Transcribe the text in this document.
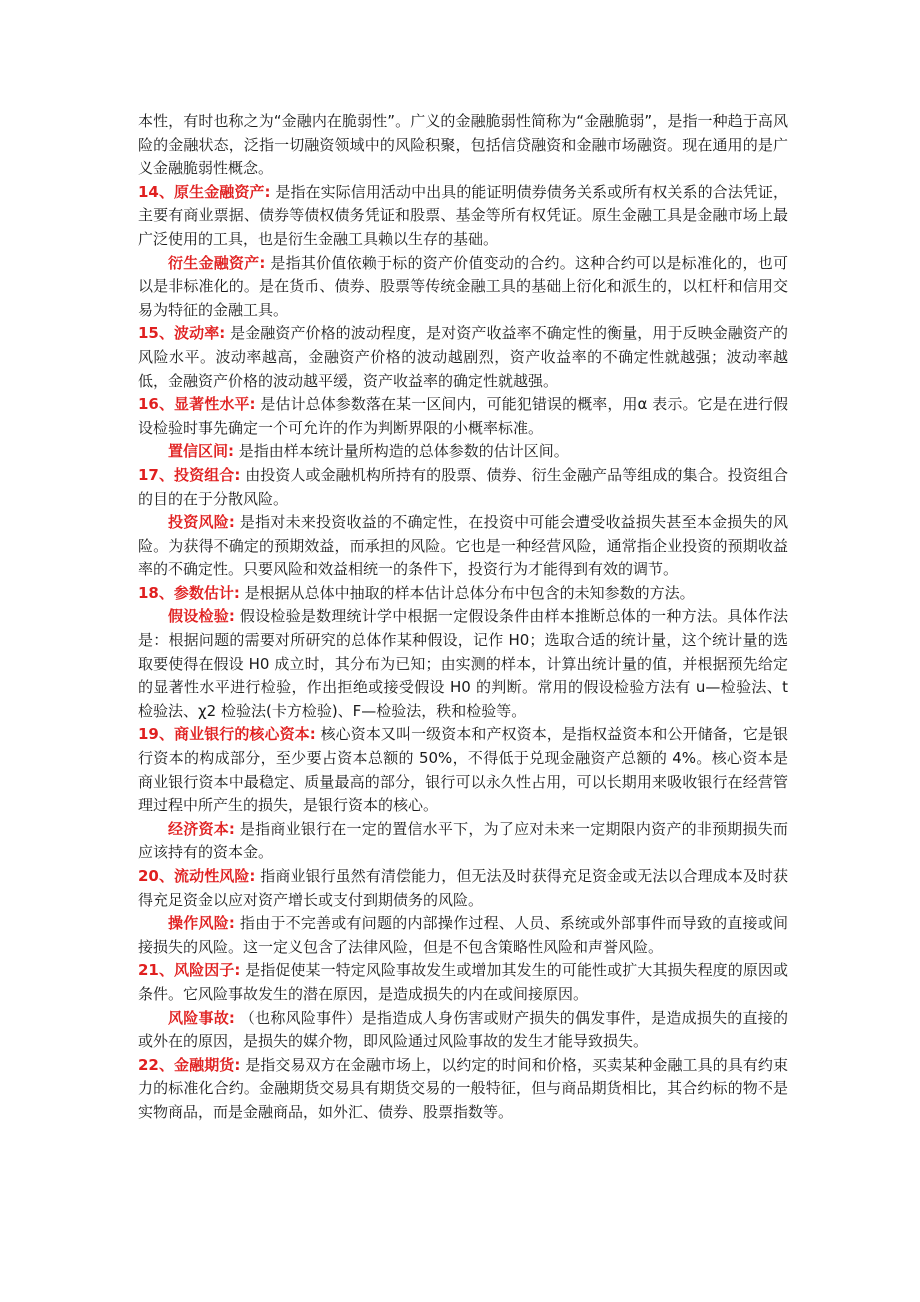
本性，有时也称之为“金融内在脆弱性”。广义的金融脆弱性简称为“金融脆弱”，是指一种趋于高风险的金融状态，泛指一切融资领域中的风险积聚，包括信贷融资和金融市场融资。现在通用的是广义金融脆弱性概念。

14、原生金融资产: 是指在实际信用活动中出具的能证明债券债务关系或所有权关系的合法凭证，主要有商业票据、债券等债权债务凭证和股票、基金等所有权凭证。原生金融工具是金融市场上最广泛使用的工具，也是衍生金融工具赖以生存的基础。

衍生金融资产: 是指其价值依赖于标的资产价值变动的合约。这种合约可以是标准化的，也可以是非标准化的。是在货币、债券、股票等传统金融工具的基础上衍化和派生的，以杠杆和信用交易为特征的金融工具。

15、波动率: 是金融资产价格的波动程度，是对资产收益率不确定性的衡量，用于反映金融资产的风险水平。波动率越高，金融资产价格的波动越剧烈，资产收益率的不确定性就越强；波动率越低，金融资产价格的波动越平缓，资产收益率的确定性就越强。

16、显著性水平: 是估计总体参数落在某一区间内，可能犯错误的概率，用α 表示。它是在进行假设检验时事先确定一个可允许的作为判断界限的小概率标准。

置信区间: 是指由样本统计量所构造的总体参数的估计区间。

17、投资组合: 由投资人或金融机构所持有的股票、债券、衍生金融产品等组成的集合。投资组合的目的在于分散风险。

投资风险: 是指对未来投资收益的不确定性，在投资中可能会遭受收益损失甚至本金损失的风险。为获得不确定的预期效益，而承担的风险。它也是一种经营风险，通常指企业投资的预期收益率的不确定性。只要风险和效益相统一的条件下，投资行为才能得到有效的调节。

18、参数估计: 是根据从总体中抽取的样本估计总体分布中包含的未知参数的方法。

假设检验: 假设检验是数理统计学中根据一定假设条件由样本推断总体的一种方法。具体作法是：根据问题的需要对所研究的总体作某种假设，记作 H0；选取合适的统计量，这个统计量的选取要使得在假设 H0 成立时，其分布为已知；由实测的样本，计算出统计量的值，并根据预先给定的显著性水平进行检验，作出拒绝或接受假设 H0 的判断。常用的假设检验方法有 u—检验法、t 检验法、χ2 检验法(卡方检验)、F—检验法，秩和检验等。

19、商业银行的核心资本: 核心资本又叫一级资本和产权资本，是指权益资本和公开储备，它是银行资本的构成部分，至少要占资本总额的 50%，不得低于兑现金融资产总额的 4%。核心资本是商业银行资本中最稳定、质量最高的部分，银行可以永久性占用，可以长期用来吸收银行在经营管理过程中所产生的损失，是银行资本的核心。

经济资本: 是指商业银行在一定的置信水平下，为了应对未来一定期限内资产的非预期损失而应该持有的资本金。

20、流动性风险: 指商业银行虽然有清偿能力，但无法及时获得充足资金或无法以合理成本及时获得充足资金以应对资产增长或支付到期债务的风险。

操作风险: 指由于不完善或有问题的内部操作过程、人员、系统或外部事件而导致的直接或间接损失的风险。这一定义包含了法律风险，但是不包含策略性风险和声誉风险。

21、风险因子: 是指促使某一特定风险事故发生或增加其发生的可能性或扩大其损失程度的原因或条件。它风险事故发生的潜在原因，是造成损失的内在或间接原因。

风险事故: （也称风险事件）是指造成人身伤害或财产损失的偶发事件，是造成损失的直接的或外在的原因，是损失的媒介物，即风险通过风险事故的发生才能导致损失。

22、金融期货: 是指交易双方在金融市场上，以约定的时间和价格，买卖某种金融工具的具有约束力的标准化合约。金融期货交易具有期货交易的一般特征，但与商品期货相比，其合约标的物不是实物商品，而是金融商品，如外汇、债券、股票指数等。
